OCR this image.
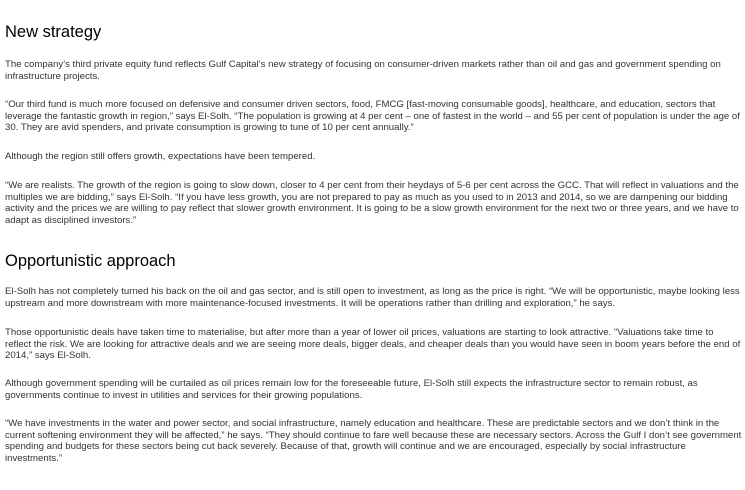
New strategy

The company’s third private equity fund reflects Gulf Capital’s new strategy of focusing on consumer-driven markets rather than oil and gas and government spending on infrastructure projects.

“Our third fund is much more focused on defensive and consumer driven sectors, food, FMCG [fast-moving consumable goods], healthcare, and education, sectors that leverage the fantastic growth in region,” says El-Solh. “The population is growing at 4 per cent – one of fastest in the world – and 55 per cent of population is under the age of 30. They are avid spenders, and private consumption is growing to tune of 10 per cent annually.”

Although the region still offers growth, expectations have been tempered.

“We are realists. The growth of the region is going to slow down, closer to 4 per cent from their heydays of 5-6 per cent across the GCC. That will reflect in valuations and the multiples we are bidding,” says El-Solh. “If you have less growth, you are not prepared to pay as much as you used to in 2013 and 2014, so we are dampening our bidding activity and the prices we are willing to pay reflect that slower growth environment. It is going to be a slow growth environment for the next two or three years, and we have to adapt as disciplined investors.”

Opportunistic approach

El-Solh has not completely turned his back on the oil and gas sector, and is still open to investment, as long as the price is right. “We will be opportunistic, maybe looking less upstream and more downstream with more maintenance-focused investments. It will be operations rather than drilling and exploration,” he says.

Those opportunistic deals have taken time to materialise, but after more than a year of lower oil prices, valuations are starting to look attractive. “Valuations take time to reflect the risk. We are looking for attractive deals and we are seeing more deals, bigger deals, and cheaper deals than you would have seen in boom years before the end of 2014,” says El-Solh.

Although government spending will be curtailed as oil prices remain low for the foreseeable future, El-Solh still expects the infrastructure sector to remain robust, as governments continue to invest in utilities and services for their growing populations.

“We have investments in the water and power sector, and social infrastructure, namely education and healthcare. These are predictable sectors and we don’t think in the current softening environment they will be affected,” he says. “They should continue to fare well because these are necessary sectors. Across the Gulf I don’t see government spending and budgets for these sectors being cut back severely. Because of that, growth will continue and we are encouraged, especially by social infrastructure investments.”
